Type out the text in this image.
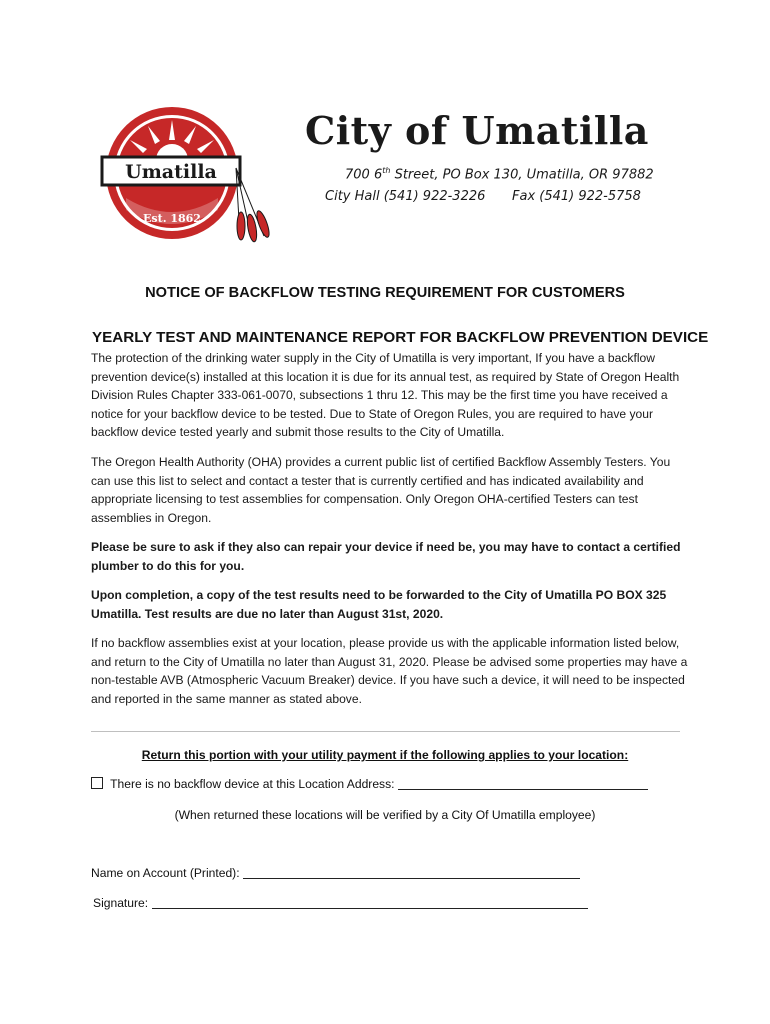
Umatilla
Est. 1862
City of Umatilla
700 6th Street, PO Box 130, Umatilla, OR 97882
City Hall (541) 922-3226 Fax (541) 922-5758
NOTICE OF BACKFLOW TESTING REQUIREMENT FOR CUSTOMERS
YEARLY TEST AND MAINTENANCE REPORT FOR BACKFLOW PREVENTION DEVICE
The protection of the drinking water supply in the City of Umatilla is very important, If you have a backflow prevention device(s) installed at this location it is due for its annual test, as required by State of Oregon Health Division Rules Chapter 333-061-0070, subsections 1 thru 12. This may be the first time you have received a notice for your backflow device to be tested. Due to State of Oregon Rules, you are required to have your backflow device tested yearly and submit those results to the City of Umatilla.
The Oregon Health Authority (OHA) provides a current public list of certified Backflow Assembly Testers. You can use this list to select and contact a tester that is currently certified and has indicated availability and appropriate licensing to test assemblies for compensation. Only Oregon OHA-certified Testers can test assemblies in Oregon.
Please be sure to ask if they also can repair your device if need be, you may have to contact a certified plumber to do this for you.
Upon completion, a copy of the test results need to be forwarded to the City of Umatilla PO BOX 325 Umatilla. Test results are due no later than August 31st, 2020.
If no backflow assemblies exist at your location, please provide us with the applicable information listed below, and return to the City of Umatilla no later than August 31, 2020. Please be advised some properties may have a non-testable AVB (Atmospheric Vacuum Breaker) device. If you have such a device, it will need to be inspected and reported in the same manner as stated above.
Return this portion with your utility payment if the following applies to your location:
There is no backflow device at this Location Address:
(When returned these locations will be verified by a City Of Umatilla employee)
Name on Account (Printed):
Signature:
